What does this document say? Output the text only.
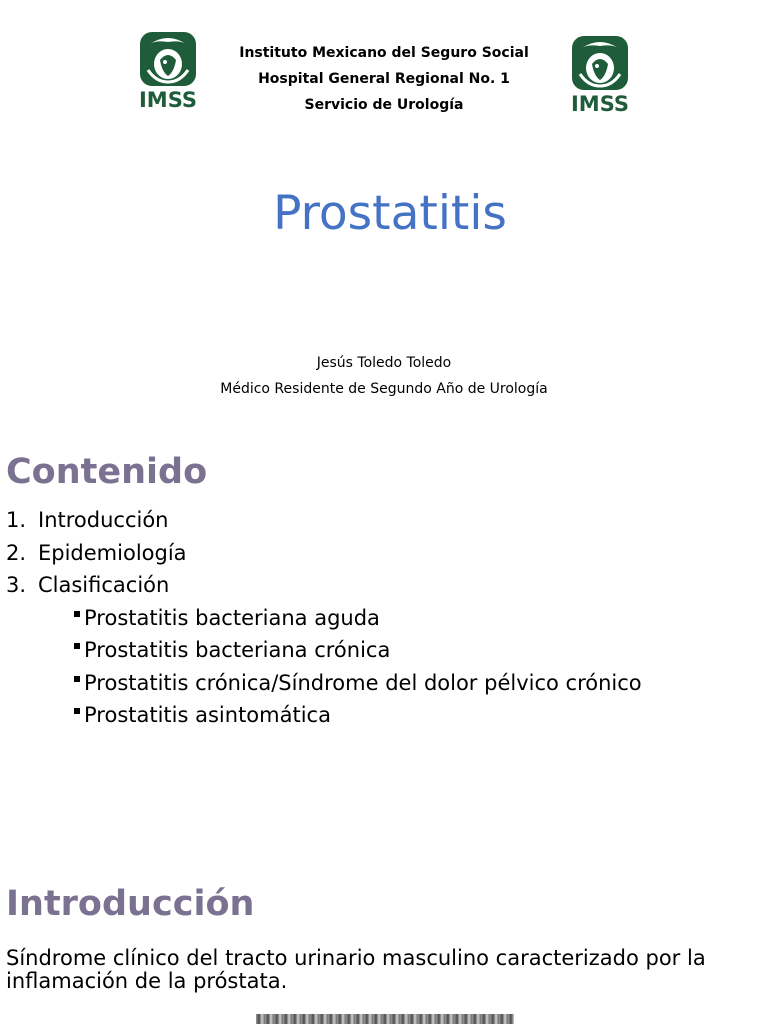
IMSS
Instituto Mexicano del Seguro Social
Hospital General Regional No. 1
Servicio de Urología	IMSS
Prostatitis
Jesús Toledo Toledo
Médico Residente de Segundo Año de Urología
Contenido
1. Introducción
2. Epidemiología
3. Clasificación
Prostatitis bacteriana aguda
Prostatitis bacteriana crónica
Prostatitis crónica/Síndrome del dolor pélvico crónico
Prostatitis asintomática
Introducción
Síndrome clínico del tracto urinario masculino caracterizado por la inflamación de la próstata.
